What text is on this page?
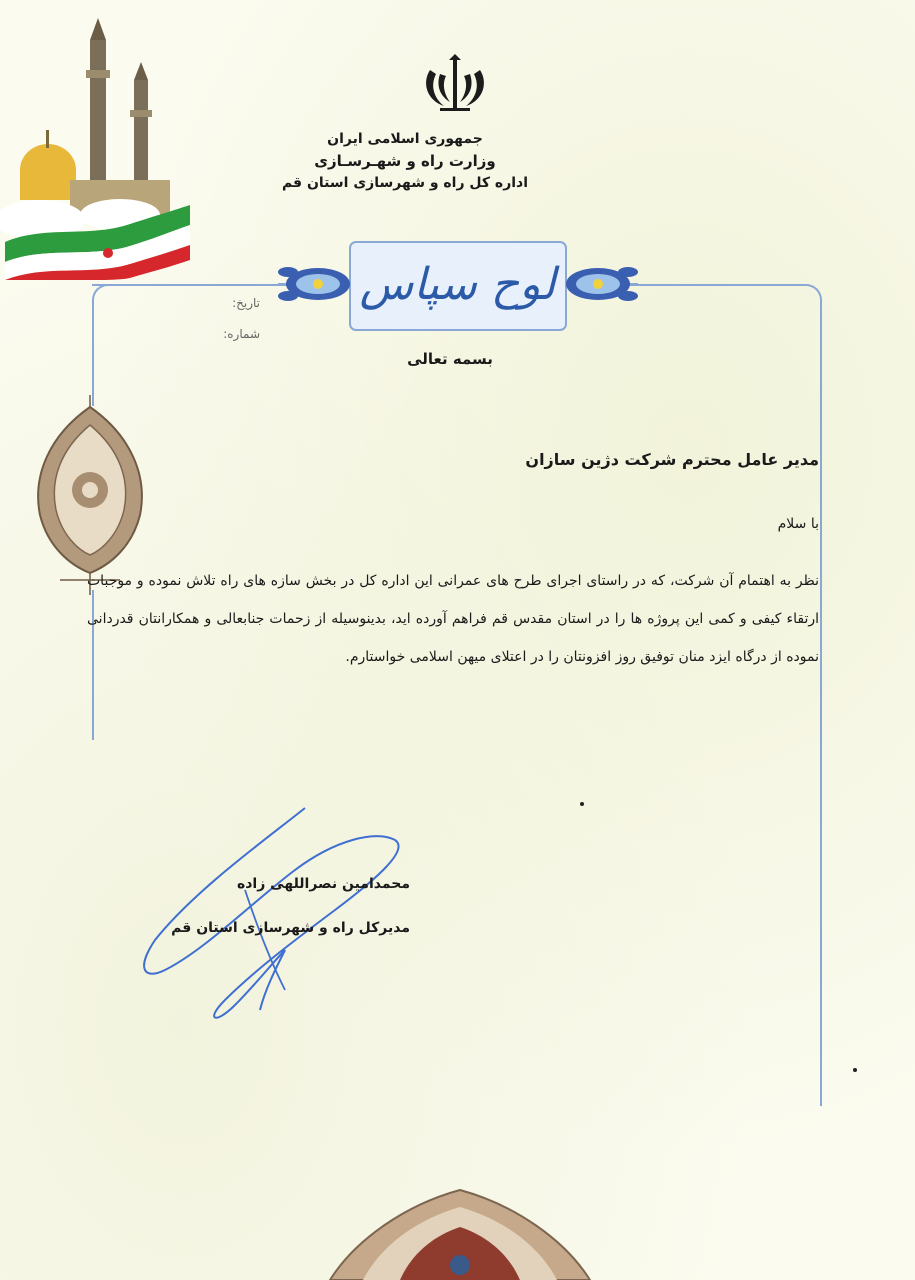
جمهوری اسلامی ایران
وزارت راه و شهـرسـازی
اداره کل راه و شهرسازی استان قم
لوح سپاس
تاریخ:
شماره:
بسمه تعالی
مدیر عامل محترم شرکت دژین سازان
با سلام
نظر به اهتمام آن شرکت، که در راستای اجرای طرح های عمرانی این اداره کل در بخش سازه های راه تلاش نموده و موجبات ارتقاء کیفی و کمی این پروژه ها را در استان مقدس قم فراهم آورده اید، بدینوسیله از زحمات جنابعالی و همکارانتان قدردانی نموده از درگاه ایزد منان توفیق روز افزونتان را در اعتلای میهن اسلامی خواستارم.
محمدامین نصراللهی زاده
مدیرکل راه و شهرسازی استان قم
